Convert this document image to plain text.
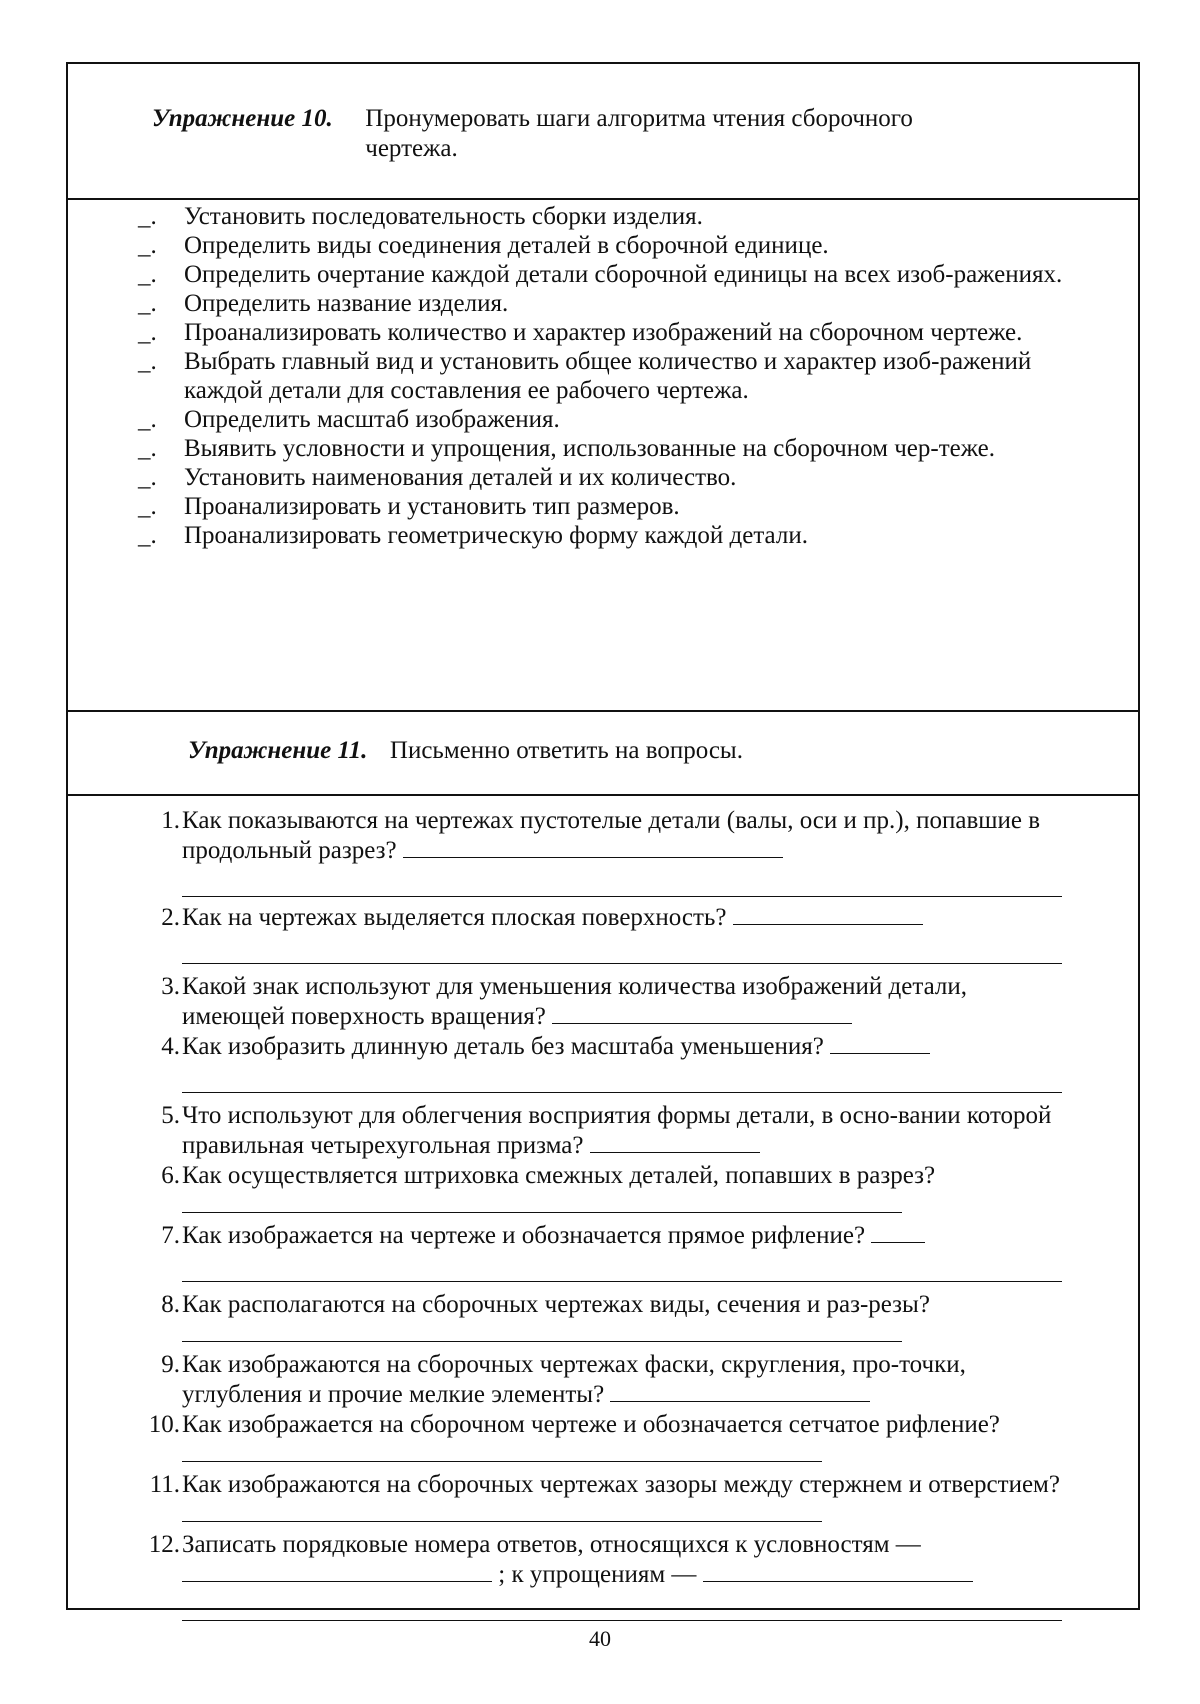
Упражнение 10. Пронумеровать шаги алгоритма чтения сборочного
чертежа.
_.	Установить последовательность сборки изделия.
_.	Определить виды соединения деталей в сборочной единице.
_.	Определить очертание каждой детали сборочной единицы на всех изоб-ражениях.
_.	Определить название изделия.
_.	Проанализировать количество и характер изображений на сборочном чертеже.
_.	Выбрать главный вид и установить общее количество и характер изоб-ражений каждой детали для составления ее рабочего чертежа.
_.	Определить масштаб изображения.
_.	Выявить условности и упрощения, использованные на сборочном чер-теже.
_.	Установить наименования деталей и их количество.
_.	Проанализировать и установить тип размеров.
_.	Проанализировать геометрическую форму каждой детали.
Упражнение 11. Письменно ответить на вопросы.
1. Как показываются на чертежах пустотелые детали (валы, оси и пр.), попавшие в продольный разрез?
2. Как на чертежах выделяется плоская поверхность?
3. Какой знак используют для уменьшения количества изображений детали, имеющей поверхность вращения?
4. Как изобразить длинную деталь без масштаба уменьшения?
5. Что используют для облегчения восприятия формы детали, в осно-вании которой правильная четырехугольная призма?
6. Как осуществляется штриховка смежных деталей, попавших в разрез?
7. Как изображается на чертеже и обозначается прямое рифление?
8. Как располагаются на сборочных чертежах виды, сечения и раз-резы?
9. Как изображаются на сборочных чертежах фаски, скругления, про-точки, углубления и прочие мелкие элементы?
10. Как изображается на сборочном чертеже и обозначается сетчатое рифление?
11. Как изображаются на сборочных чертежах зазоры между стержнем и отверстием?
12. Записать порядковые номера ответов, относящихся к условностям —
; к упрощениям —
40
